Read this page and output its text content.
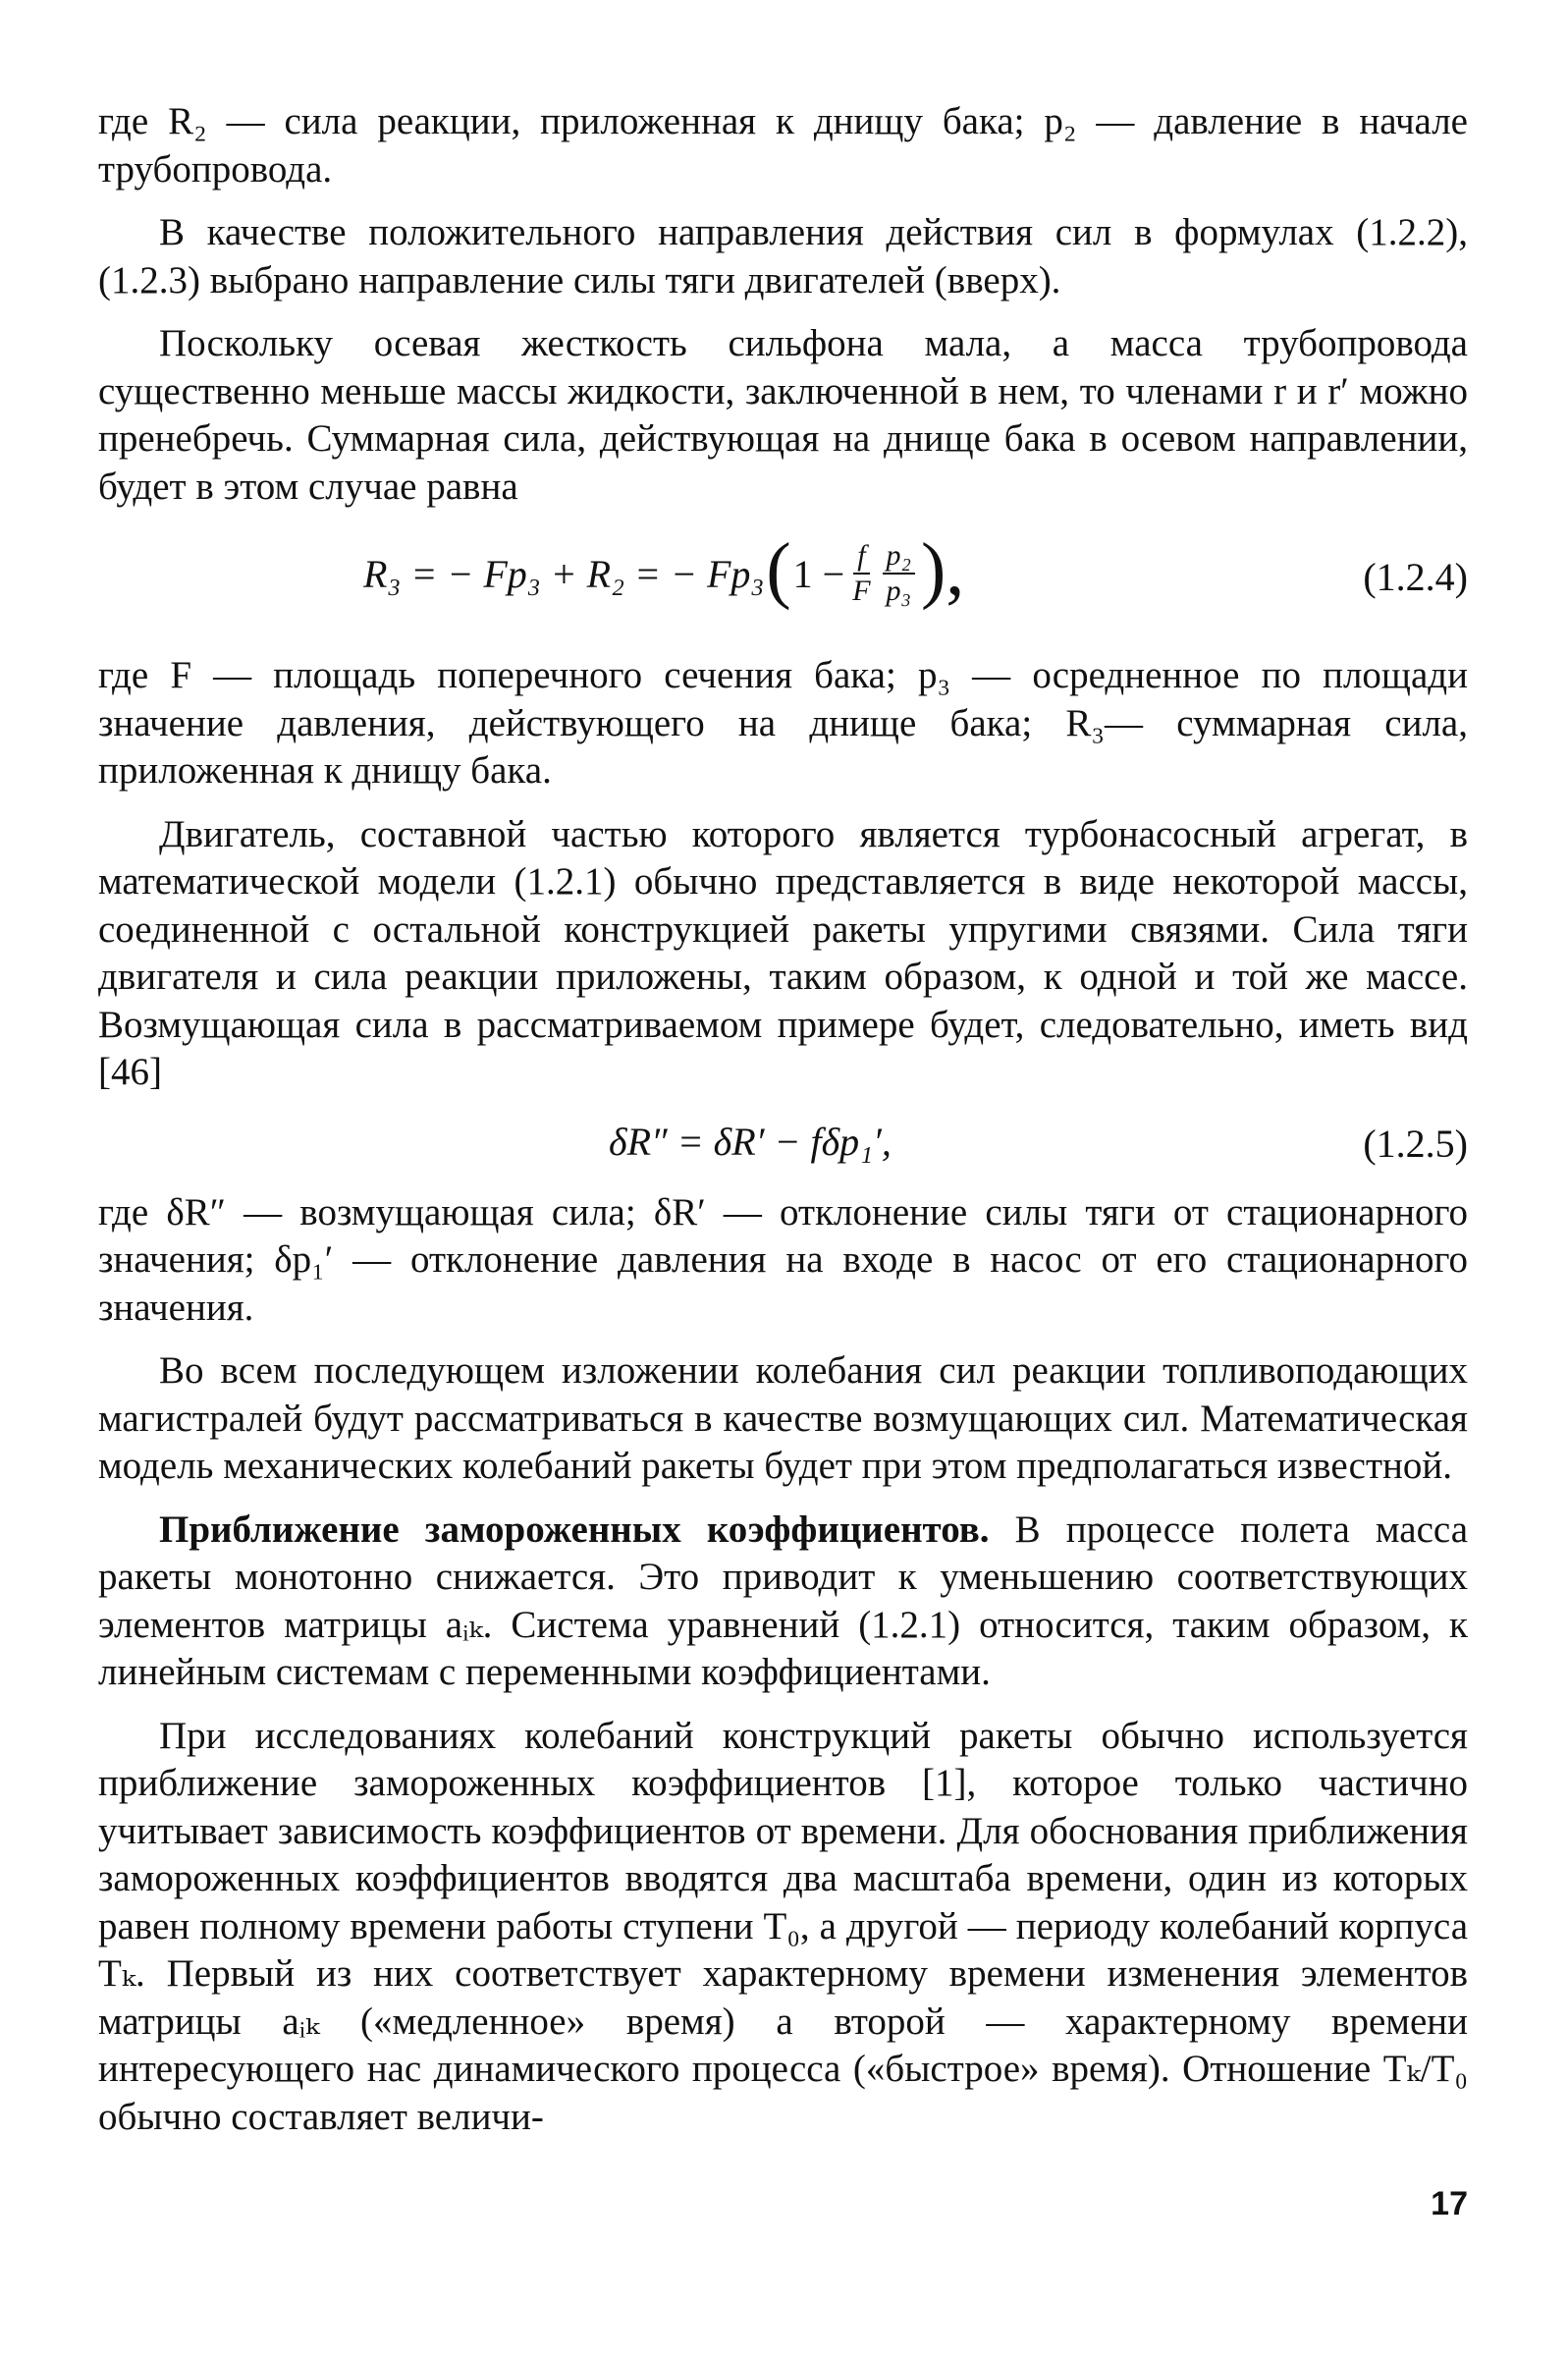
где R₂ — сила реакции, приложенная к днищу бака; p₂ — давление в начале трубопровода.

В качестве положительного направления действия сил в формулах (1.2.2), (1.2.3) выбрано направление силы тяги двигателей (вверх).

Поскольку осевая жесткость сильфона мала, а масса трубопровода существенно меньше массы жидкости, заключенной в нем, то членами r и r′ можно пренебречь. Суммарная сила, действующая на днище бака в осевом направлении, будет в этом случае равна

R₃ = − Fp₃ + R₂ = − Fp₃ ( $1 - \frac{f}{F} \frac{\text{p₂}}{\text{p₃}}$ ),	(1.2.4)

где F — площадь поперечного сечения бака; p₃ — осредненное по площади значение давления, действующего на днище бака; R₃— суммарная сила, приложенная к днищу бака.

Двигатель, составной частью которого является турбонасосный агрегат, в математической модели (1.2.1) обычно представляется в виде некоторой массы, соединенной с остальной конструкцией ракеты упругими связями. Сила тяги двигателя и сила реакции приложены, таким образом, к одной и той же массе. Возмущающая сила в рассматриваемом примере будет, следовательно, иметь вид [46]

δR″ = δR′ − fδp₁′,	(1.2.5)

где δR″ — возмущающая сила; δR′ — отклонение силы тяги от стационарного значения; δp₁′ — отклонение давления на входе в насос от его стационарного значения.

Во всем последующем изложении колебания сил реакции топливоподающих магистралей будут рассматриваться в качестве возмущающих сил. Математическая модель механических колебаний ракеты будет при этом предполагаться известной.

Приближение замороженных коэффициентов. В процессе полета масса ракеты монотонно снижается. Это приводит к уменьшению соответствующих элементов матрицы aᵢₖ. Система уравнений (1.2.1) относится, таким образом, к линейным системам с переменными коэффициентами.

При исследованиях колебаний конструкций ракеты обычно используется приближение замороженных коэффициентов [1], которое только частично учитывает зависимость коэффициентов от времени. Для обоснования приближения замороженных коэффициентов вводятся два масштаба времени, один из которых равен полному времени работы ступени T₀, а другой — периоду колебаний корпуса Tₖ. Первый из них соответствует характерному времени изменения элементов матрицы aᵢₖ («медленное» время) а второй — характерному времени интересующего нас динамического процесса («быстрое» время). Отношение Tₖ/T₀ обычно составляет величи-

17
